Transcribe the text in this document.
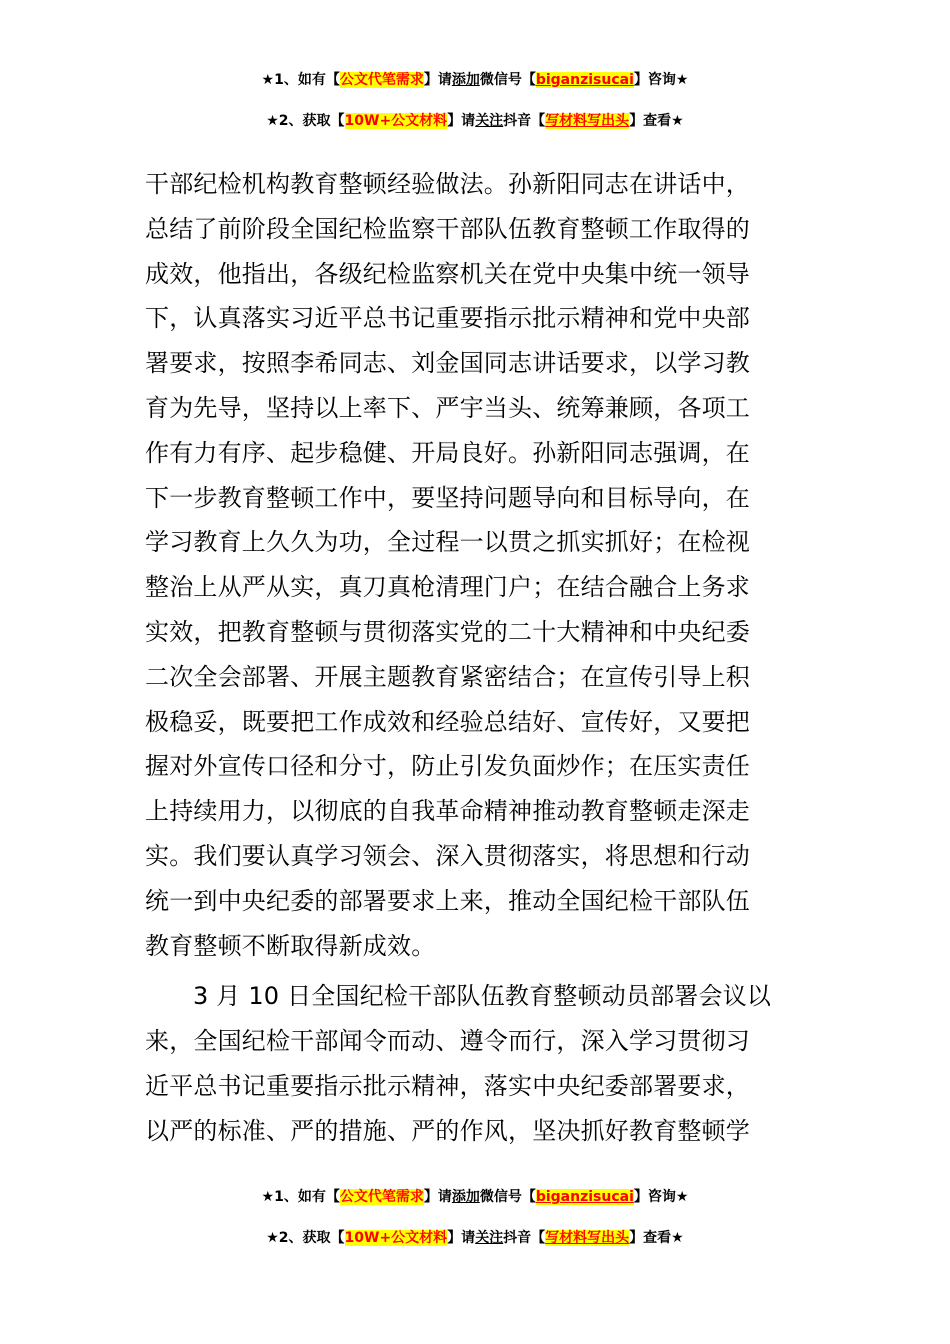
★1、如有【公文代笔需求】请添加微信号【biganzisucai】咨询★
★2、获取【10W+公文材料】请关注抖音【写材料写出头】查看★
干部纪检机构教育整顿经验做法。孙新阳同志在讲话中，
总结了前阶段全国纪检监察干部队伍教育整顿工作取得的
成效，他指出，各级纪检监察机关在党中央集中统一领导
下，认真落实习近平总书记重要指示批示精神和党中央部
署要求，按照李希同志、刘金国同志讲话要求，以学习教
育为先导，坚持以上率下、严宇当头、统筹兼顾，各项工
作有力有序、起步稳健、开局良好。孙新阳同志强调，在
下一步教育整顿工作中，要坚持问题导向和目标导向，在
学习教育上久久为功，全过程一以贯之抓实抓好；在检视
整治上从严从实，真刀真枪清理门户；在结合融合上务求
实效，把教育整顿与贯彻落实党的二十大精神和中央纪委
二次全会部署、开展主题教育紧密结合；在宣传引导上积
极稳妥，既要把工作成效和经验总结好、宣传好，又要把
握对外宣传口径和分寸，防止引发负面炒作；在压实责任
上持续用力，以彻底的自我革命精神推动教育整顿走深走
实。我们要认真学习领会、深入贯彻落实，将思想和行动
统一到中央纪委的部署要求上来，推动全国纪检干部队伍
教育整顿不断取得新成效。
3 月 10 日全国纪检干部队伍教育整顿动员部署会议以
来，全国纪检干部闻令而动、遵令而行，深入学习贯彻习
近平总书记重要指示批示精神，落实中央纪委部署要求，
以严的标准、严的措施、严的作风，坚决抓好教育整顿学
★1、如有【公文代笔需求】请添加微信号【biganzisucai】咨询★
★2、获取【10W+公文材料】请关注抖音【写材料写出头】查看★
